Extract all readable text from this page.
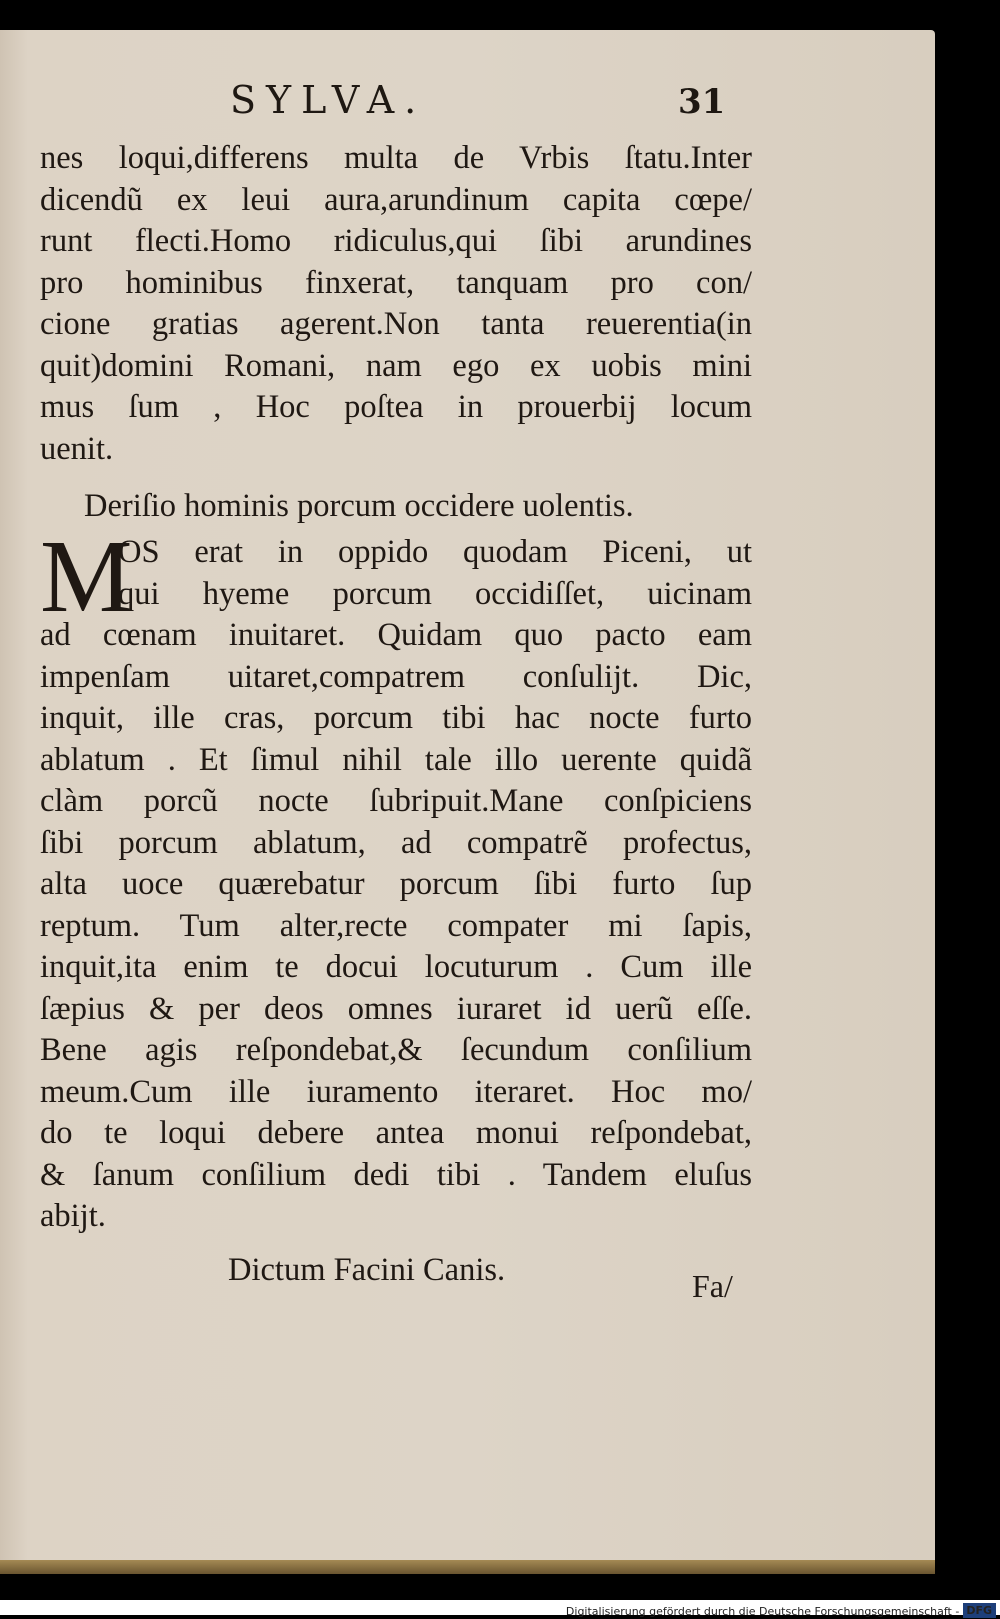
SYLVA.	31
nes loqui,differens multa de Vrbis ſtatu.Inter
dicendũ ex leui aura,arundinum capita cœpe/
runt flecti.Homo ridiculus,qui ſibi arundines
pro hominibus finxerat, tanquam pro con/
cione gratias agerent.Non tanta reuerentia(in
quit)domini Romani, nam ego ex uobis mini
mus ſum , Hoc poſtea in prouerbij locum
uenit.
Deriſio hominis porcum occidere uolentis.
M
OS erat in oppido quodam Piceni, ut
qui hyeme porcum occidiſſet, uicinam
ad cœnam inuitaret. Quidam quo pacto eam
impenſam uitaret,compatrem conſulijt. Dic,
inquit, ille cras, porcum tibi hac nocte furto
ablatum . Et ſimul nihil tale illo uerente quidã
clàm porcũ nocte ſubripuit.Mane conſpiciens
ſibi porcum ablatum, ad compatrẽ profectus,
alta uoce quærebatur porcum ſibi furto ſup
reptum. Tum alter,recte compater mi ſapis,
inquit,ita enim te docui locuturum . Cum ille
ſæpius & per deos omnes iuraret id uerũ eſſe.
Bene agis reſpondebat,& ſecundum conſilium
meum.Cum ille iuramento iteraret. Hoc mo/
do te loqui debere antea monui reſpondebat,
& ſanum conſilium dedi tibi . Tandem eluſus
abijt.
Dictum Facini Canis.	Fa/
Digitalisierung gefördert durch die Deutsche Forschungsgemeinschaft - DFG
